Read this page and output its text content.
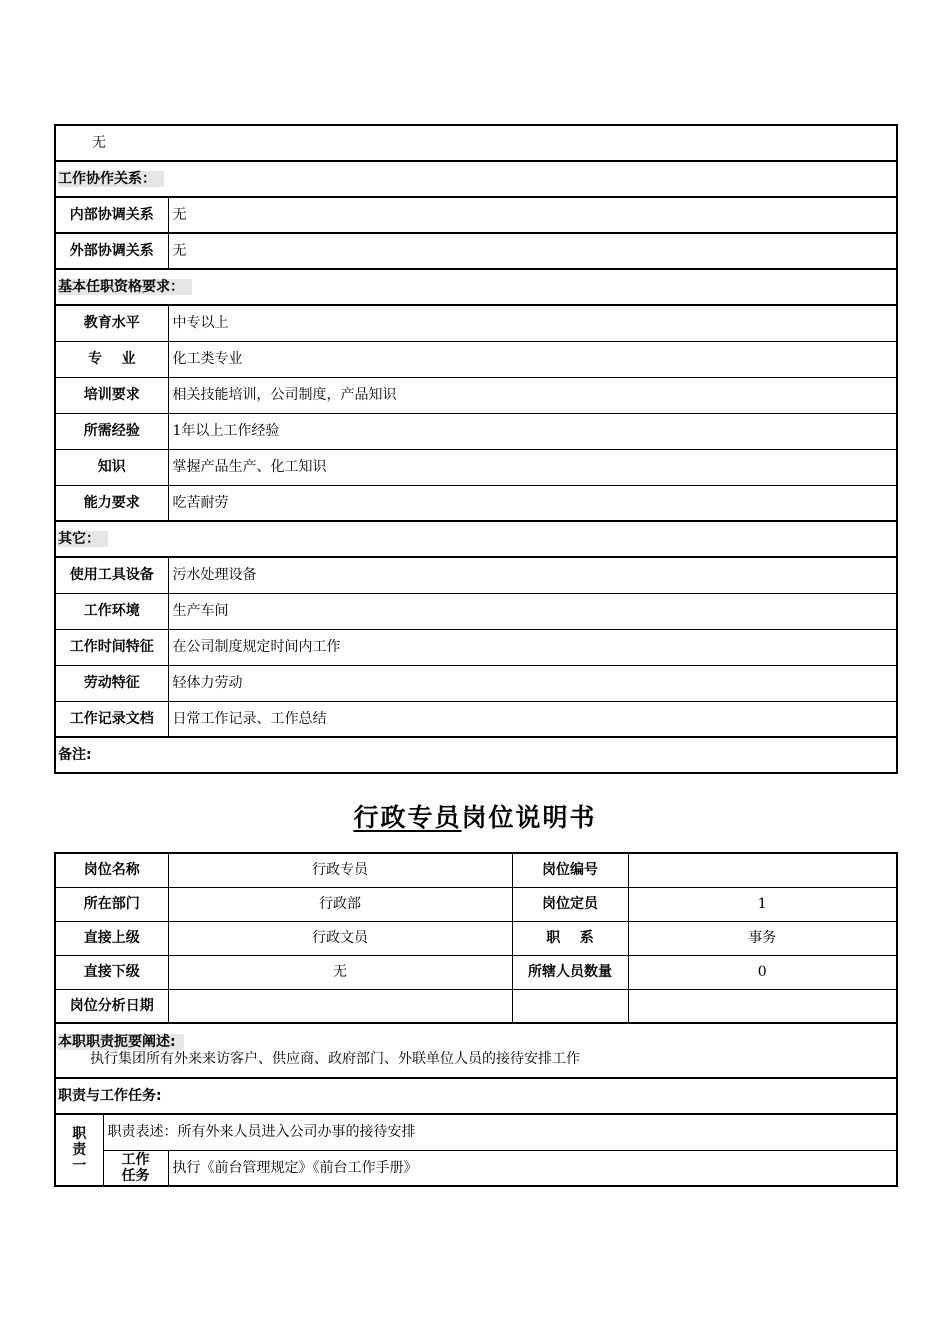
无	
工作协作关系：	
内部协调关系	无
外部协调关系	无
基本任职资格要求：	
教育水平	中专以上
专    业	化工类专业
培训要求	相关技能培训，公司制度，产品知识
所需经验	1年以上工作经验
知识	掌握产品生产、化工知识
能力要求	吃苦耐劳
其它：	
使用工具设备	污水处理设备
工作环境	生产车间
工作时间特征	在公司制度规定时间内工作
劳动特征	轻体力劳动
工作记录文档	日常工作记录、工作总结
备注:	
行政专员岗位说明书
岗位名称		行政专员	岗位编号	
所在部门		行政部	岗位定员	1
直接上级		行政文员	职    系	事务
直接下级		无	所辖人员数量	0
岗位分析日期				
本职职责扼要阐述:
执行集团所有外来来访客户、供应商、政府部门、外联单位人员的接待安排工作				

职责与工作任务:				
职责一	职责表述：所有外来人员进入公司办事的接待安排			
	工作任务	执行《前台管理规定》《前台工作手册》		
